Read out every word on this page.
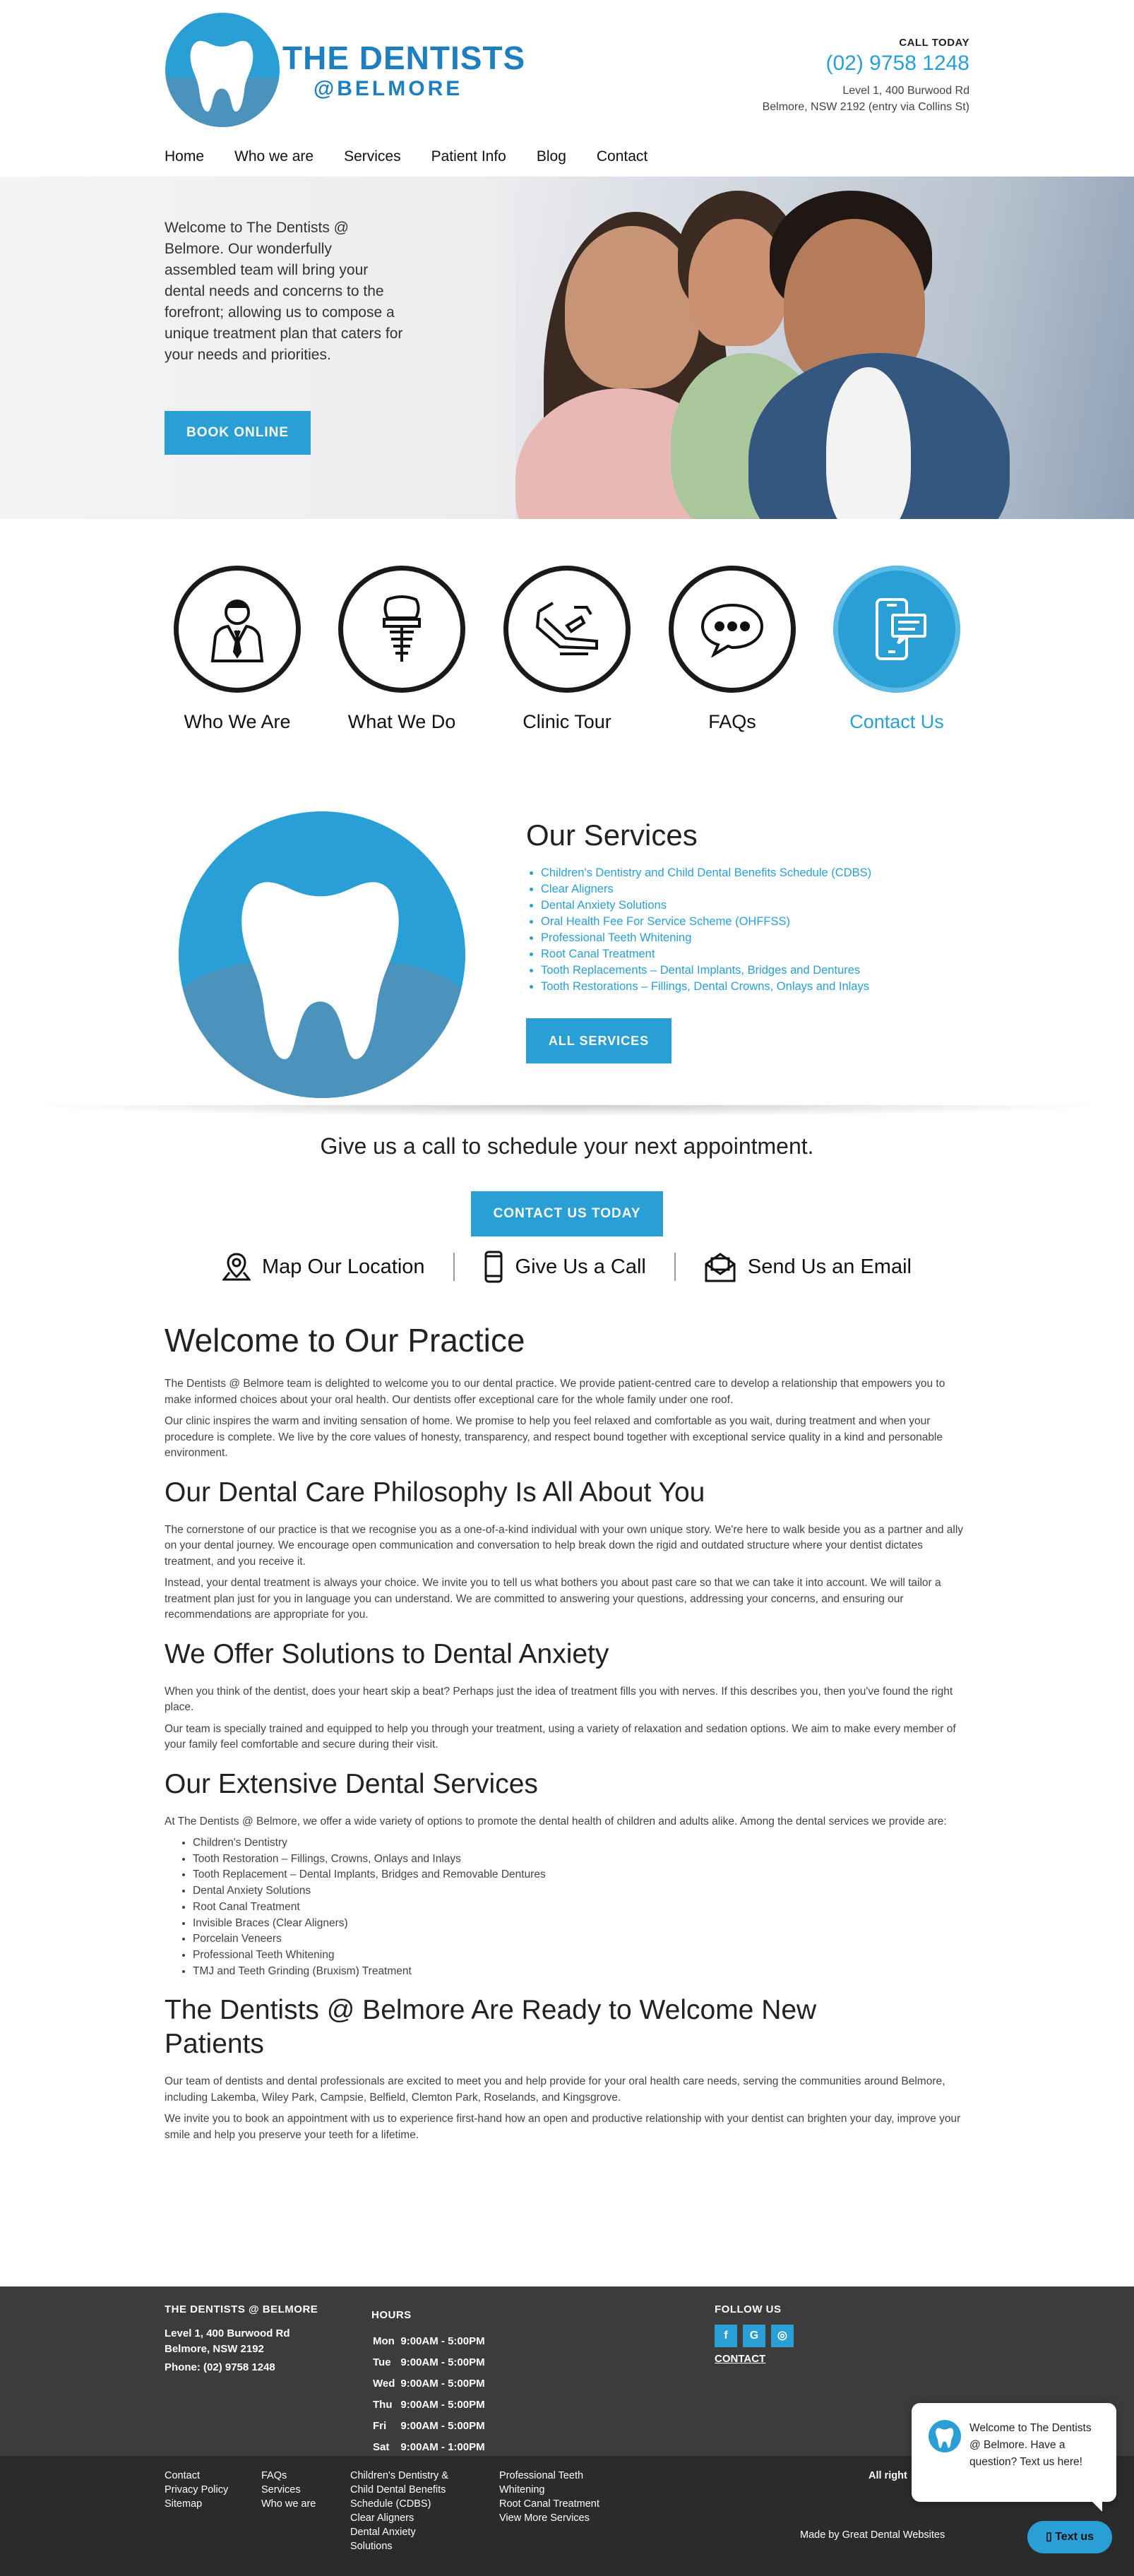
THE DENTISTS
@BELMORE
CALL TODAY
(02) 9758 1248
Level 1, 400 Burwood Rd
Belmore, NSW 2192 (entry via Collins St)
Home Who we are Services Patient Info Blog Contact
Welcome to The Dentists @ Belmore. Our wonderfully assembled team will bring your dental needs and concerns to the forefront; allowing us to compose a unique treatment plan that caters for your needs and priorities.
BOOK ONLINE
Who We Are	What We Do	Clinic Tour	FAQs	Contact Us
Our Services
• Children's Dentistry and Child Dental Benefits Schedule (CDBS)
• Clear Aligners
• Dental Anxiety Solutions
• Oral Health Fee For Service Scheme (OHFFSS)
• Professional Teeth Whitening
• Root Canal Treatment
• Tooth Replacements – Dental Implants, Bridges and Dentures
• Tooth Restorations – Fillings, Dental Crowns, Onlays and Inlays
ALL SERVICES
Give us a call to schedule your next appointment.
CONTACT US TODAY
Map Our Location	Give Us a Call	Send Us an Email
Welcome to Our Practice

The Dentists @ Belmore team is delighted to welcome you to our dental practice. We provide patient-centred care to develop a relationship that empowers you to make informed choices about your oral health. Our dentists offer exceptional care for the whole family under one roof.

Our clinic inspires the warm and inviting sensation of home. We promise to help you feel relaxed and comfortable as you wait, during treatment and when your procedure is complete. We live by the core values of honesty, transparency, and respect bound together with exceptional service quality in a kind and personable environment.

Our Dental Care Philosophy Is All About You

The cornerstone of our practice is that we recognise you as a one-of-a-kind individual with your own unique story. We're here to walk beside you as a partner and ally on your dental journey. We encourage open communication and conversation to help break down the rigid and outdated structure where your dentist dictates treatment, and you receive it.

Instead, your dental treatment is always your choice. We invite you to tell us what bothers you about past care so that we can take it into account. We will tailor a treatment plan just for you in language you can understand. We are committed to answering your questions, addressing your concerns, and ensuring our recommendations are appropriate for you.

We Offer Solutions to Dental Anxiety

When you think of the dentist, does your heart skip a beat? Perhaps just the idea of treatment fills you with nerves. If this describes you, then you've found the right place.

Our team is specially trained and equipped to help you through your treatment, using a variety of relaxation and sedation options. We aim to make every member of your family feel comfortable and secure during their visit.

Our Extensive Dental Services

At The Dentists @ Belmore, we offer a wide variety of options to promote the dental health of children and adults alike. Among the dental services we provide are:

• Children's Dentistry
• Tooth Restoration – Fillings, Crowns, Onlays and Inlays
• Tooth Replacement – Dental Implants, Bridges and Removable Dentures
• Dental Anxiety Solutions
• Root Canal Treatment
• Invisible Braces (Clear Aligners)
• Porcelain Veneers
• Professional Teeth Whitening
• TMJ and Teeth Grinding (Bruxism) Treatment
The Dentists @ Belmore Are Ready to Welcome New Patients

Our team of dentists and dental professionals are excited to meet you and help provide for your oral health care needs, serving the communities around Belmore, including Lakemba, Wiley Park, Campsie, Belfield, Clemton Park, Roselands, and Kingsgrove.

We invite you to book an appointment with us to experience first-hand how an open and productive relationship with your dentist can brighten your day, improve your smile and help you preserve your teeth for a lifetime.

THE DENTISTS @ BELMORE
Level 1, 400 Burwood Rd
Belmore, NSW 2192
Phone: (02) 9758 1248
HOURS
Mon	9:00AM - 5:00PM
Tue	9:00AM - 5:00PM
Wed	9:00AM - 5:00PM
Thu	9:00AM - 5:00PM
Fri	9:00AM - 5:00PM
Sat	9:00AM - 1:00PM
FOLLOW US
f G ◎
CONTACT
Contact
Privacy Policy
Sitemap
FAQs
Services
Who we are
Children's Dentistry &
Child Dental Benefits
Schedule (CDBS)
Clear Aligners
Dental Anxiety
Solutions
Professional Teeth
Whitening
Root Canal Treatment
View More Services
All right
Made by Great Dental Websites
Welcome to The Dentists @ Belmore. Have a question? Text us here!
▯ Text us
